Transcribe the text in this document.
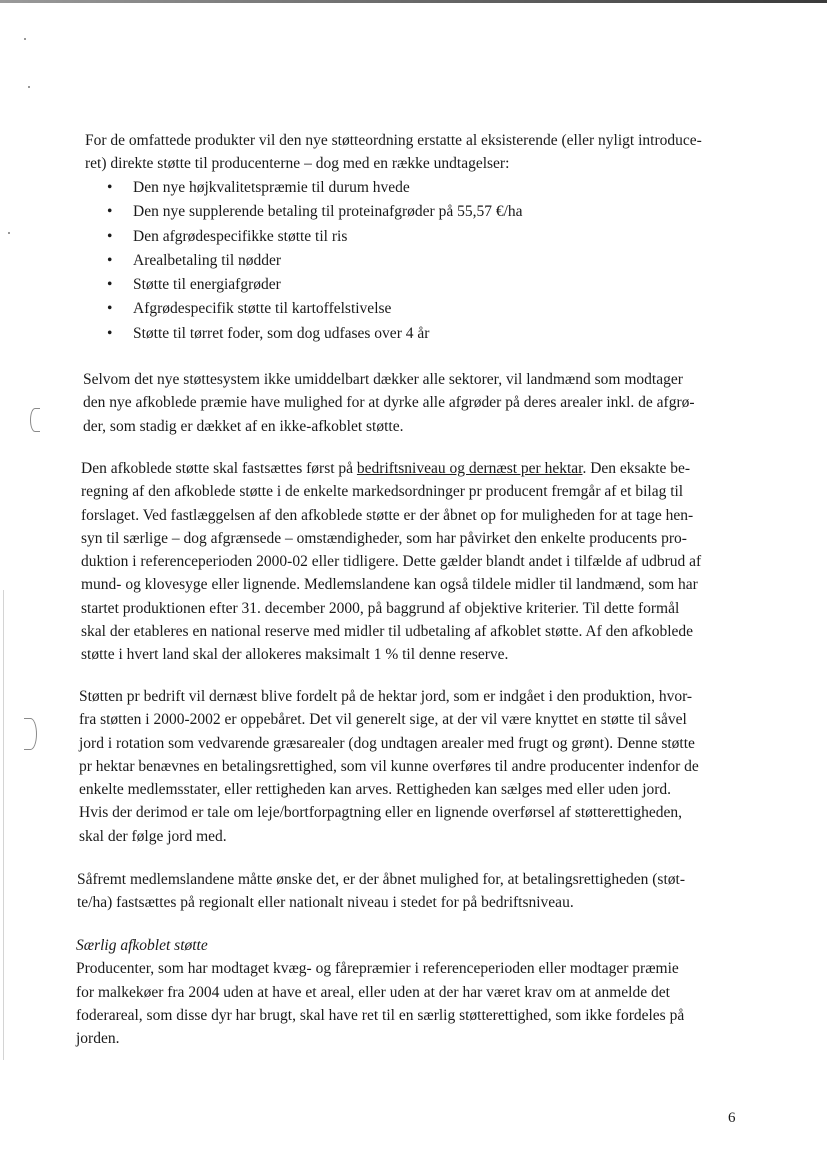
For de omfattede produkter vil den nye støtteordning erstatte al eksisterende (eller nyligt introduce-
ret) direkte støtte til producenterne – dog med en række undtagelser:

• Den nye højkvalitetspræmie til durum hvede
• Den nye supplerende betaling til proteinafgrøder på 55,57 €/ha
• Den afgrødespecifikke støtte til ris
• Arealbetaling til nødder
• Støtte til energiafgrøder
• Afgrødespecifik støtte til kartoffelstivelse
• Støtte til tørret foder, som dog udfases over 4 år

Selvom det nye støttesystem ikke umiddelbart dækker alle sektorer, vil landmænd som modtager
den nye afkoblede præmie have mulighed for at dyrke alle afgrøder på deres arealer inkl. de afgrø-
der, som stadig er dækket af en ikke-afkoblet støtte.

Den afkoblede støtte skal fastsættes først på bedriftsniveau og dernæst per hektar. Den eksakte be-
regning af den afkoblede støtte i de enkelte markedsordninger pr producent fremgår af et bilag til
forslaget. Ved fastlæggelsen af den afkoblede støtte er der åbnet op for muligheden for at tage hen-
syn til særlige – dog afgrænsede – omstændigheder, som har påvirket den enkelte producents pro-
duktion i referenceperioden 2000-02 eller tidligere. Dette gælder blandt andet i tilfælde af udbrud af
mund- og klovesyge eller lignende. Medlemslandene kan også tildele midler til landmænd, som har
startet produktionen efter 31. december 2000, på baggrund af objektive kriterier. Til dette formål
skal der etableres en national reserve med midler til udbetaling af afkoblet støtte. Af den afkoblede
støtte i hvert land skal der allokeres maksimalt 1 % til denne reserve.

Støtten pr bedrift vil dernæst blive fordelt på de hektar jord, som er indgået i den produktion, hvor-
fra støtten i 2000-2002 er oppebåret. Det vil generelt sige, at der vil være knyttet en støtte til såvel
jord i rotation som vedvarende græsarealer (dog undtagen arealer med frugt og grønt). Denne støtte
pr hektar benævnes en betalingsrettighed, som vil kunne overføres til andre producenter indenfor de
enkelte medlemsstater, eller rettigheden kan arves. Rettigheden kan sælges med eller uden jord.
Hvis der derimod er tale om leje/bortforpagtning eller en lignende overførsel af støtterettigheden,
skal der følge jord med.

Såfremt medlemslandene måtte ønske det, er der åbnet mulighed for, at betalingsrettigheden (støt-
te/ha) fastsættes på regionalt eller nationalt niveau i stedet for på bedriftsniveau.

Særlig afkoblet støtte
Producenter, som har modtaget kvæg- og fårepræmier i referenceperioden eller modtager præmie
for malkekøer fra 2004 uden at have et areal, eller uden at der har været krav om at anmelde det
foderareal, som disse dyr har brugt, skal have ret til en særlig støtterettighed, som ikke fordeles på
jorden.

6
